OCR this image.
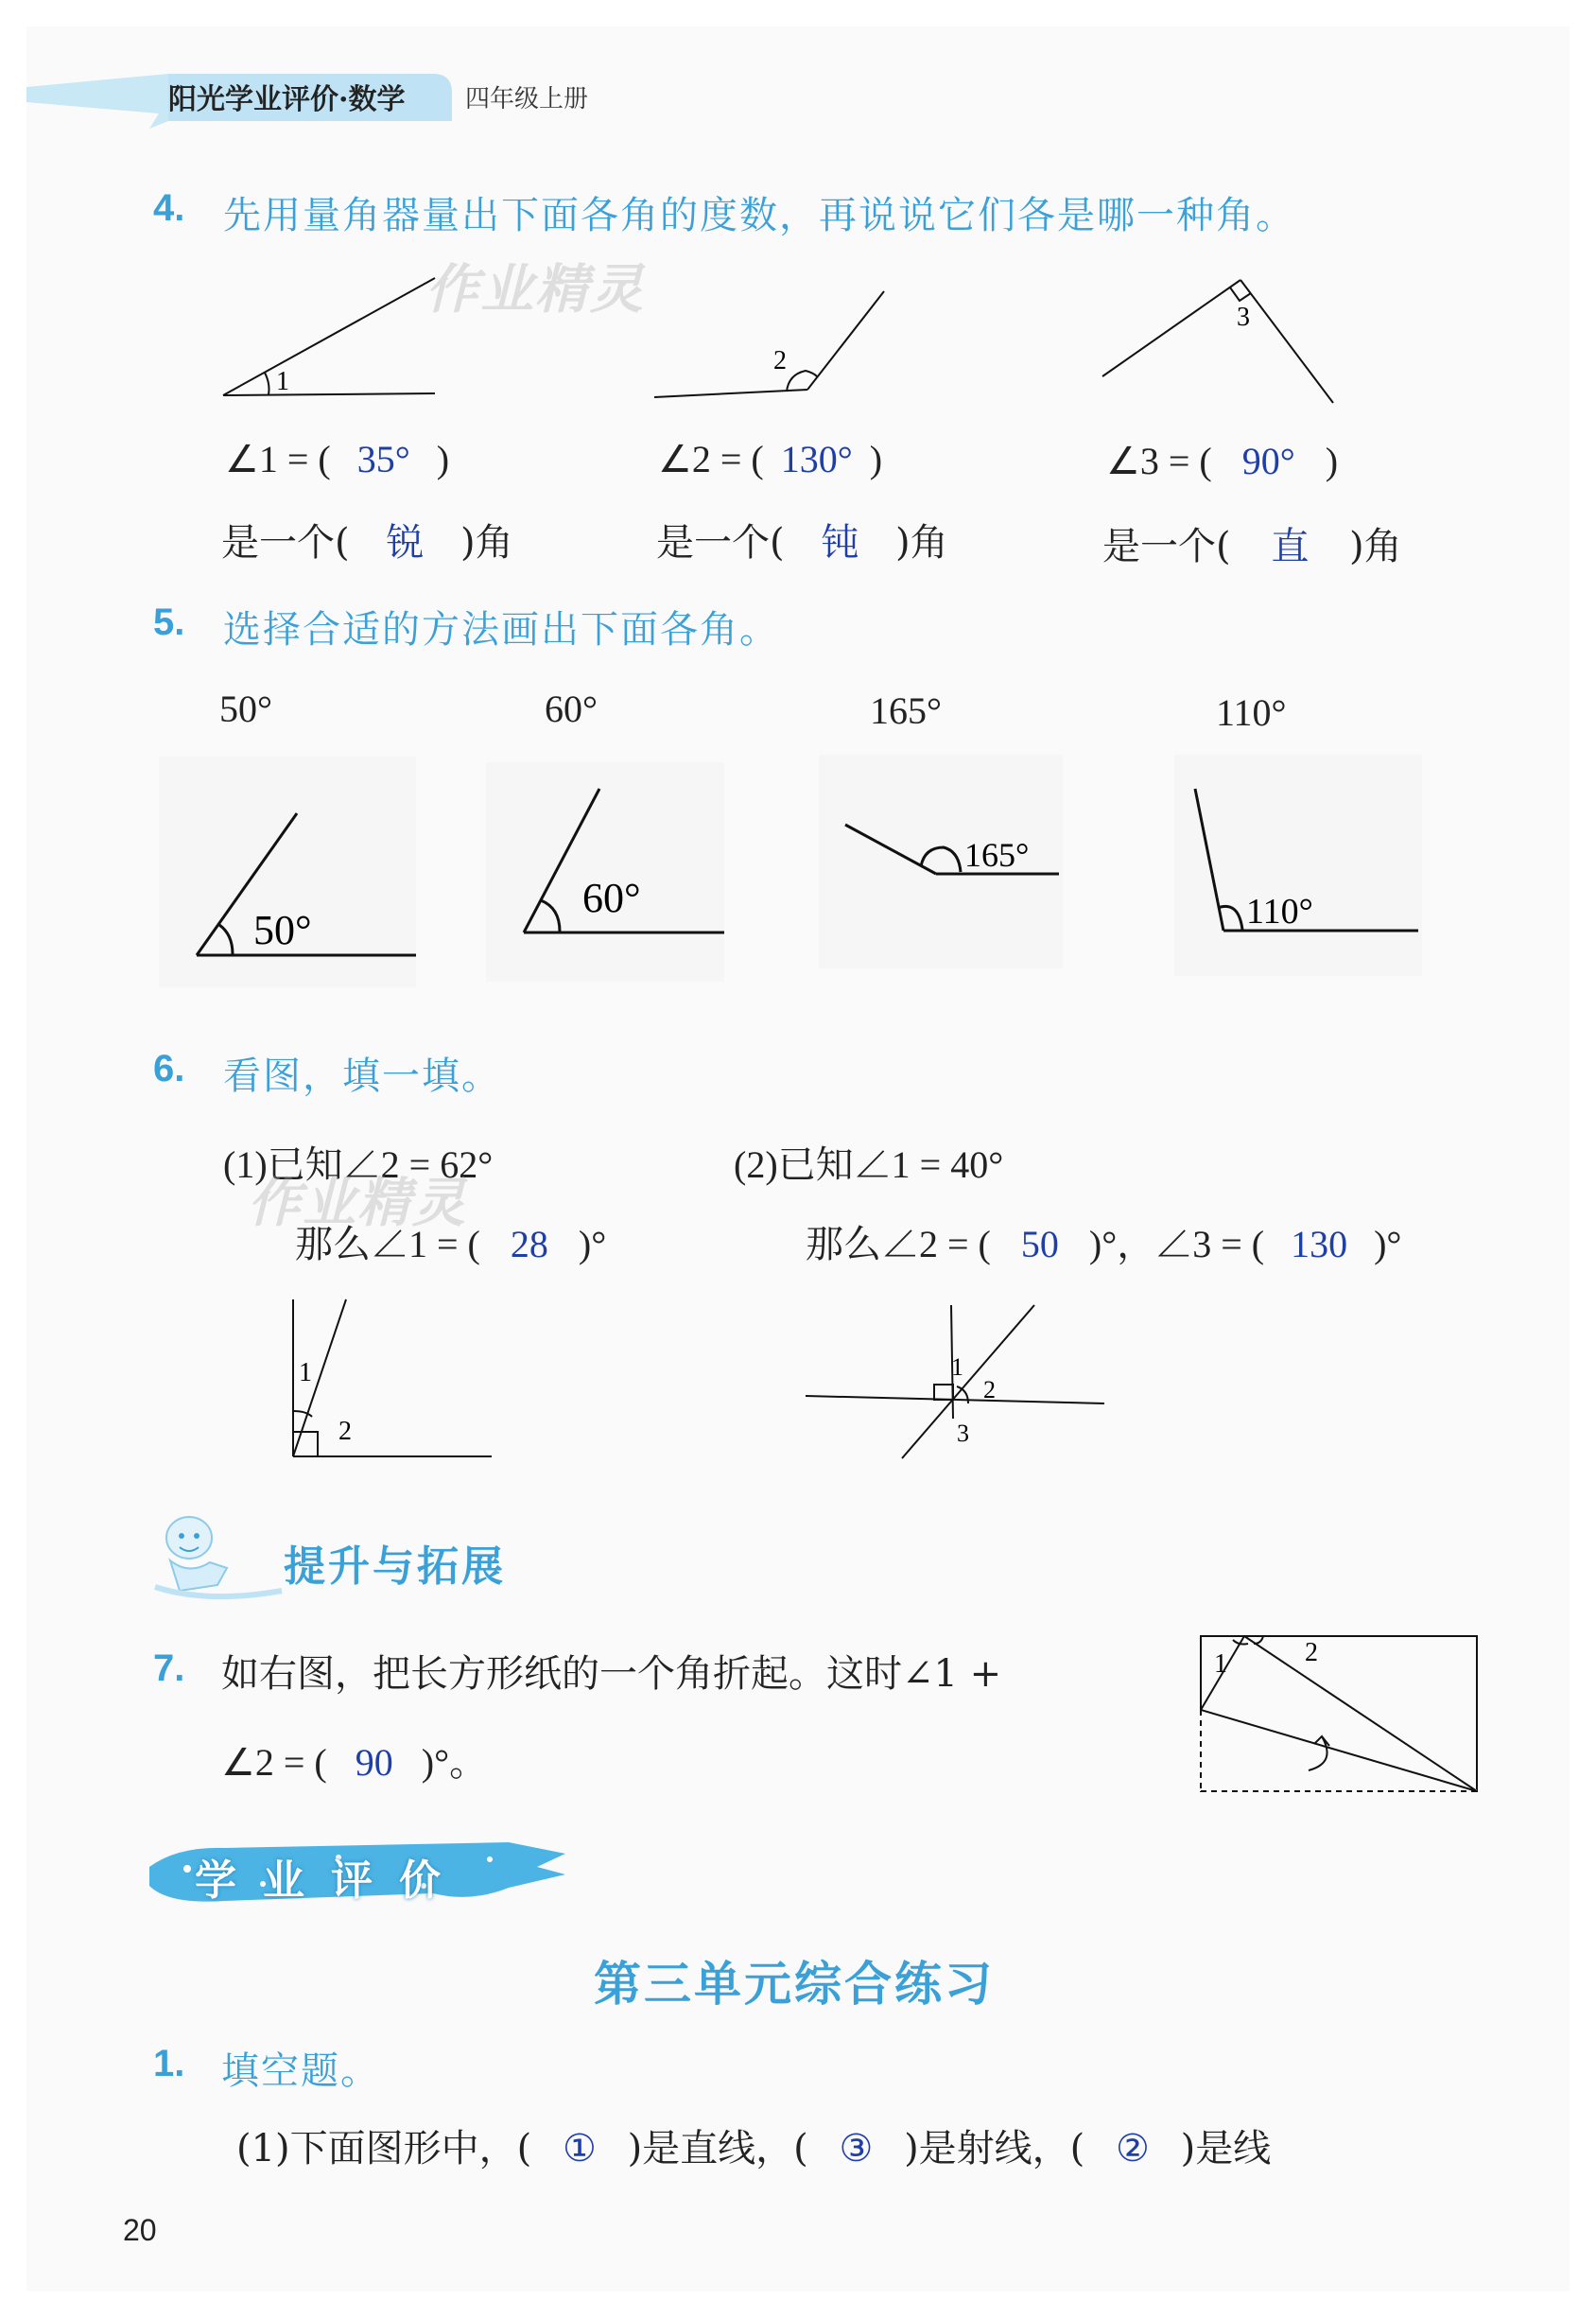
阳光学业评价·数学 四年级上册
4. 先用量角器量出下面各角的度数，再说说它们各是哪一种角。
作业精灵
1
2
3
∠1 = ( 35° )	∠2 = ( 130° )	∠3 = ( 90° )
是一个( 锐 )角	是一个( 钝 )角	是一个( 直 )角
5. 选择合适的方法画出下面各角。
50°	60°	165°	110°
50°
60°
165°
110°
6. 看图，填一填。
(1)已知∠2 = 62°
作业精灵
那么∠1 = ( 28 )°
(2)已知∠1 = 40°
那么∠2 = ( 50 )°，∠3 = ( 130 )°
1
2
1
2
3
提升与拓展
7. 如右图，把长方形纸的一个角折起。这时∠1 +
∠2 = ( 90 )°。
1	2
学业评价
第三单元综合练习
1. 填空题。
(1)下面图形中，( ① )是直线，( ③ )是射线，( ② )是线
20
